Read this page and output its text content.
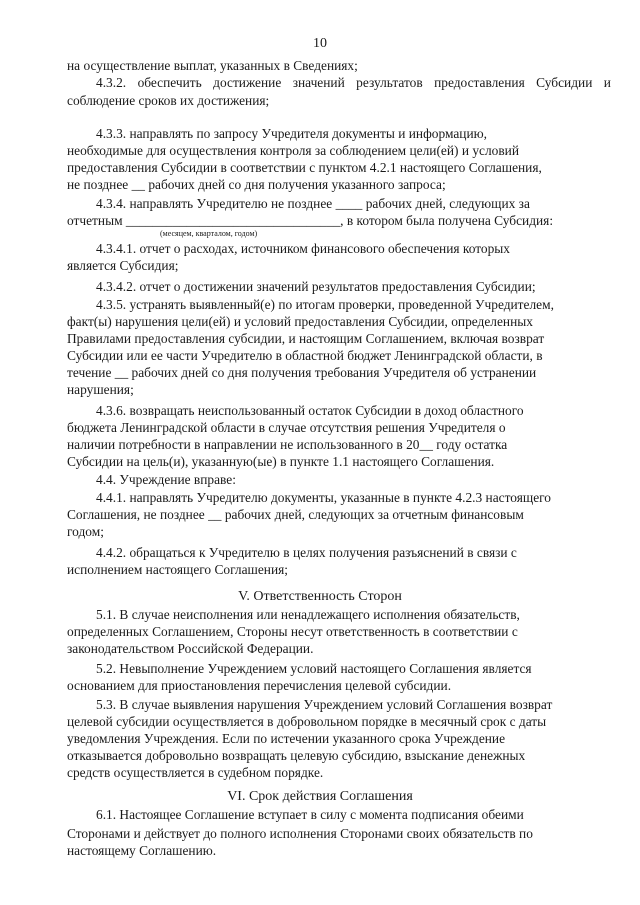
10
на осуществление выплат, указанных в Сведениях;
4.3.2. обеспечить достижение значений результатов предоставления Субсидии и
соблюдение сроков их достижения;
4.3.3. направлять по запросу Учредителя документы и информацию,
необходимые для осуществления контроля за соблюдением цели(ей) и условий
предоставления Субсидии в соответствии с пунктом 4.2.1 настоящего Соглашения,
не позднее __ рабочих дней со дня получения указанного запроса;
4.3.4. направлять Учредителю не позднее ____ рабочих дней, следующих за
отчетным ________________________________, в котором была получена Субсидия:
(месяцем, кварталом, годом)
4.3.4.1. отчет о расходах, источником финансового обеспечения которых
является Субсидия;
4.3.4.2. отчет о достижении значений результатов предоставления Субсидии;
4.3.5. устранять выявленный(е) по итогам проверки, проведенной Учредителем,
факт(ы) нарушения цели(ей) и условий предоставления Субсидии, определенных
Правилами предоставления субсидии, и настоящим Соглашением, включая возврат
Субсидии или ее части Учредителю в областной бюджет Ленинградской области, в
течение __ рабочих дней со дня получения требования Учредителя об устранении
нарушения;
4.3.6. возвращать неиспользованный остаток Субсидии в доход областного
бюджета Ленинградской области в случае отсутствия решения Учредителя о
наличии потребности в направлении не использованного в 20__ году остатка
Субсидии на цель(и), указанную(ые) в пункте 1.1 настоящего Соглашения.
4.4. Учреждение вправе:
4.4.1. направлять Учредителю документы, указанные в пункте 4.2.3 настоящего
Соглашения, не позднее __ рабочих дней, следующих за отчетным финансовым
годом;
4.4.2. обращаться к Учредителю в целях получения разъяснений в связи с
исполнением настоящего Соглашения;
V. Ответственность Сторон
5.1. В случае неисполнения или ненадлежащего исполнения обязательств,
определенных Соглашением, Стороны несут ответственность в соответствии с
законодательством Российской Федерации.
5.2. Невыполнение Учреждением условий настоящего Соглашения является
основанием для приостановления перечисления целевой субсидии.
5.3. В случае выявления нарушения Учреждением условий Соглашения возврат
целевой субсидии осуществляется в добровольном порядке в месячный срок с даты
уведомления Учреждения. Если по истечении указанного срока Учреждение
отказывается добровольно возвращать целевую субсидию, взыскание денежных
средств осуществляется в судебном порядке.
VI. Срок действия Соглашения
6.1. Настоящее Соглашение вступает в силу с момента подписания обеими
Сторонами и действует до полного исполнения Сторонами своих обязательств по
настоящему Соглашению.
